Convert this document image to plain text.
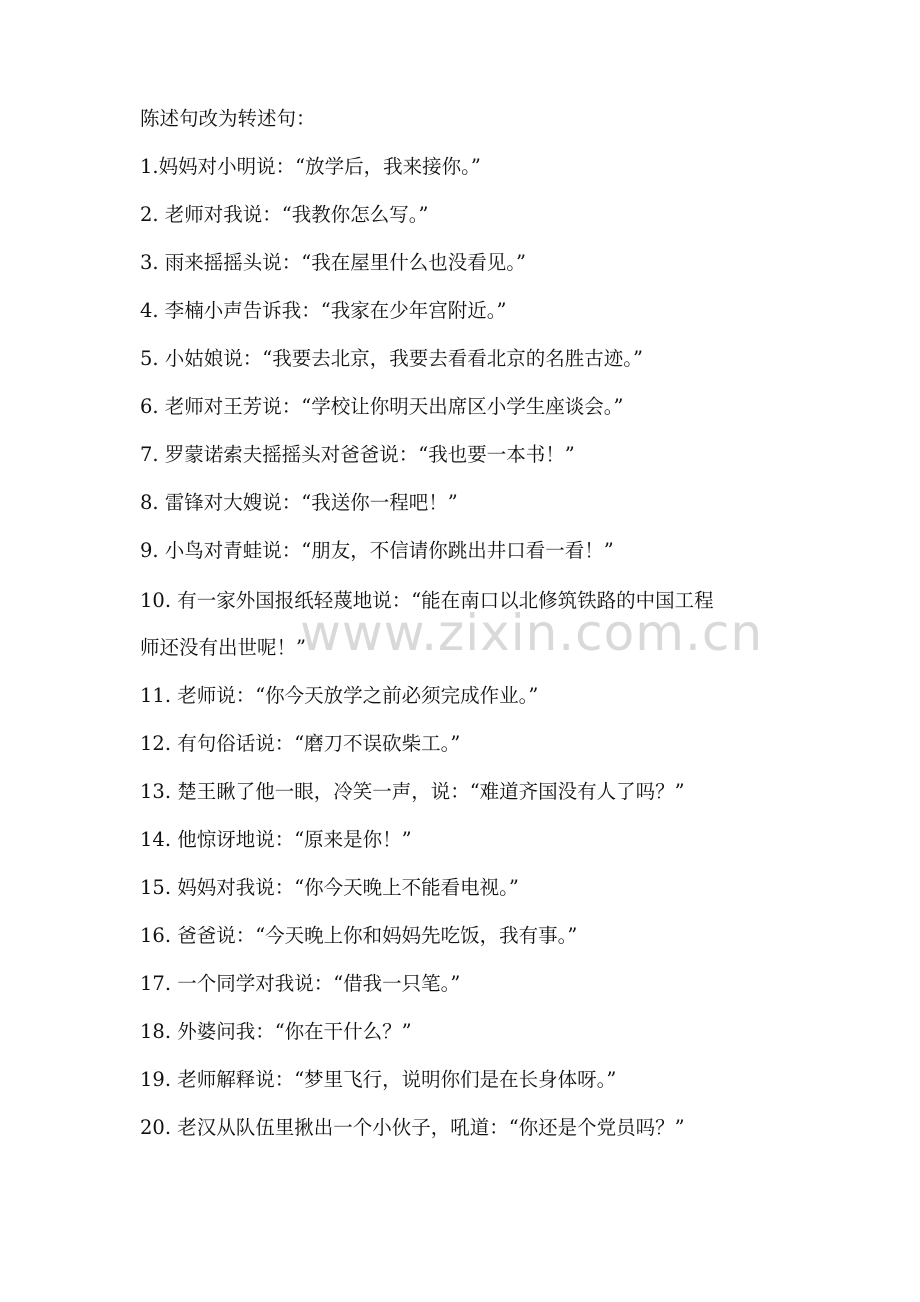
陈述句改为转述句：
1.妈妈对小明说：“放学后，我来接你。”
2. 老师对我说：“我教你怎么写。”
3. 雨来摇摇头说：“我在屋里什么也没看见。”
4. 李楠小声告诉我：“我家在少年宫附近。”
5. 小姑娘说：“我要去北京，我要去看看北京的名胜古迹。”
6. 老师对王芳说：“学校让你明天出席区小学生座谈会。”
7. 罗蒙诺索夫摇摇头对爸爸说：“我也要一本书！”
8. 雷锋对大嫂说：“我送你一程吧！”
9. 小鸟对青蛙说：“朋友，不信请你跳出井口看一看！”
10. 有一家外国报纸轻蔑地说：“能在南口以北修筑铁路的中国工程
师还没有出世呢！”
11. 老师说：“你今天放学之前必须完成作业。”
12. 有句俗话说：“磨刀不误砍柴工。”
13. 楚王瞅了他一眼，冷笑一声，说：“难道齐国没有人了吗？”
14. 他惊讶地说：“原来是你！”
15. 妈妈对我说：“你今天晚上不能看电视。”
16. 爸爸说：“今天晚上你和妈妈先吃饭，我有事。”
17. 一个同学对我说：“借我一只笔。”
18. 外婆问我：“你在干什么？”
19. 老师解释说：“梦里飞行，说明你们是在长身体呀。”
20. 老汉从队伍里揪出一个小伙子，吼道：“你还是个党员吗？”
www.zixin.com.cn
